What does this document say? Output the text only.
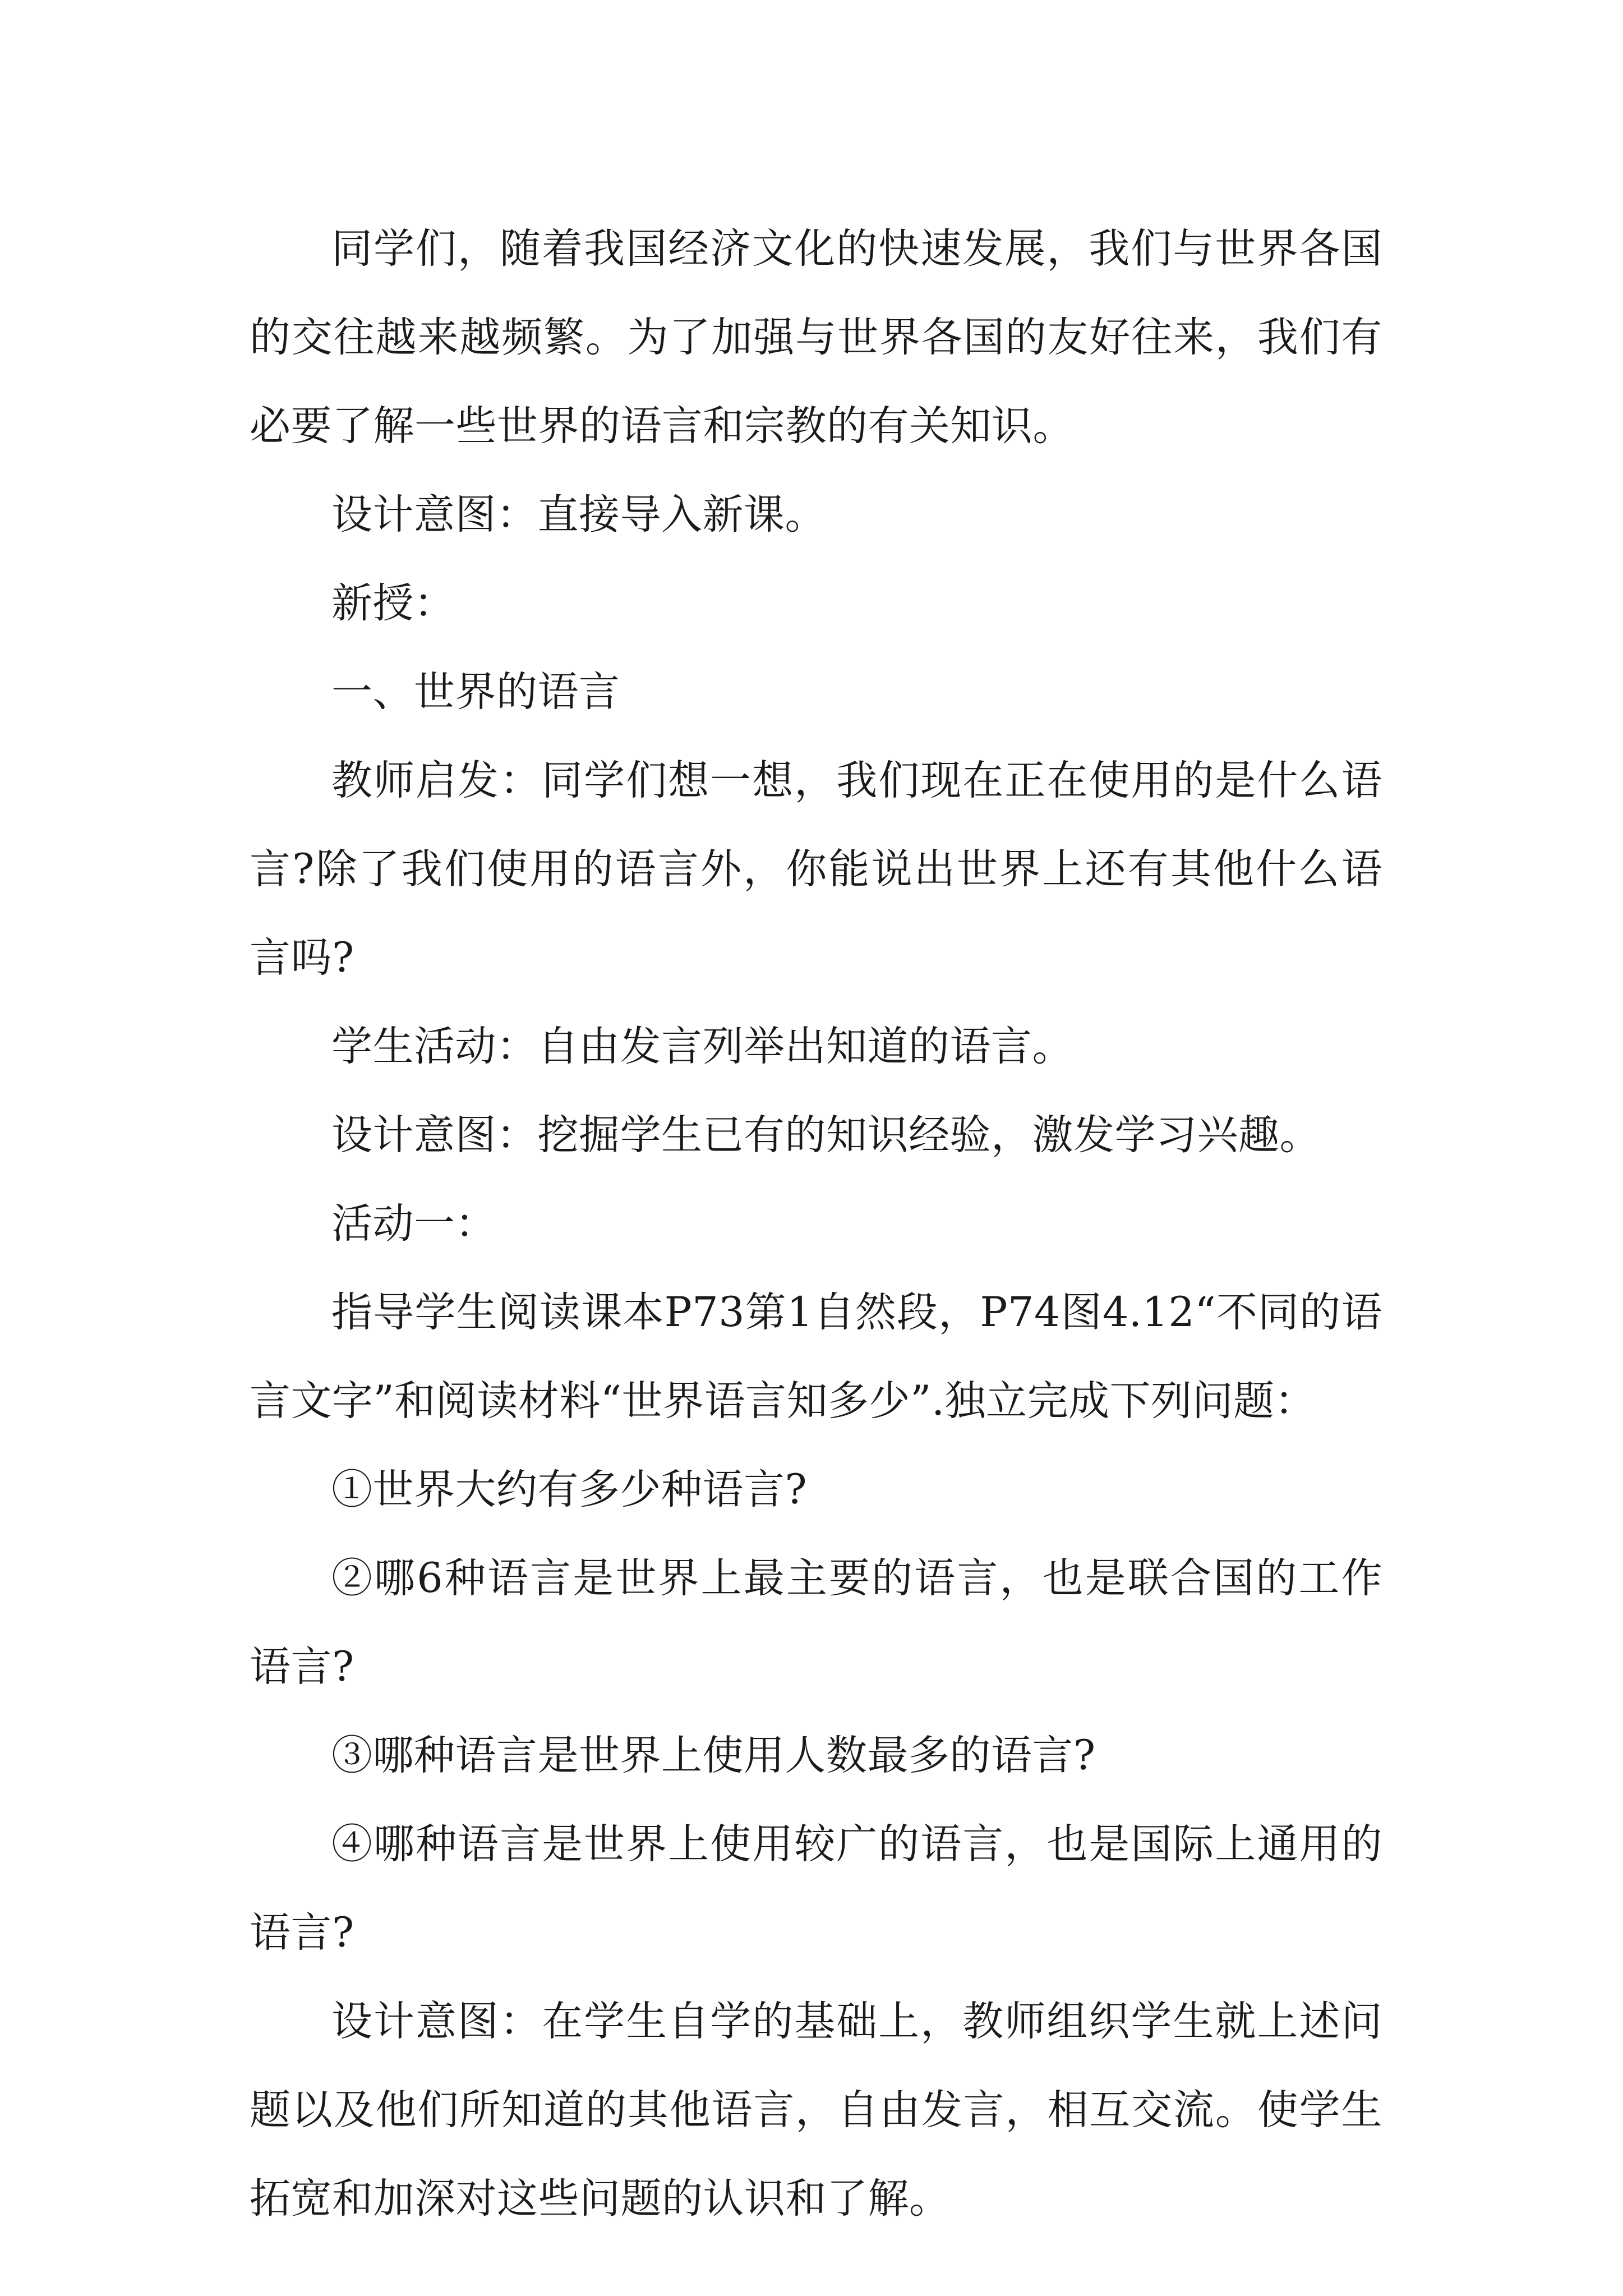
同学们，随着我国经济文化的快速发展，我们与世界各国的交往越来越频繁。为了加强与世界各国的友好往来，我们有必要了解一些世界的语言和宗教的有关知识。

设计意图：直接导入新课。

新授：

一、世界的语言

教师启发：同学们想一想，我们现在正在使用的是什么语言?除了我们使用的语言外，你能说出世界上还有其他什么语言吗?

学生活动：自由发言列举出知道的语言。

设计意图：挖掘学生已有的知识经验，激发学习兴趣。

活动一：

指导学生阅读课本P73第1自然段，P74图4.12“不同的语言文字”和阅读材料“世界语言知多少”.独立完成下列问题：

①世界大约有多少种语言?

②哪6种语言是世界上最主要的语言，也是联合国的工作语言?

③哪种语言是世界上使用人数最多的语言?

④哪种语言是世界上使用较广的语言，也是国际上通用的语言?

设计意图：在学生自学的基础上，教师组织学生就上述问题以及他们所知道的其他语言，自由发言，相互交流。使学生拓宽和加深对这些问题的认识和了解。
